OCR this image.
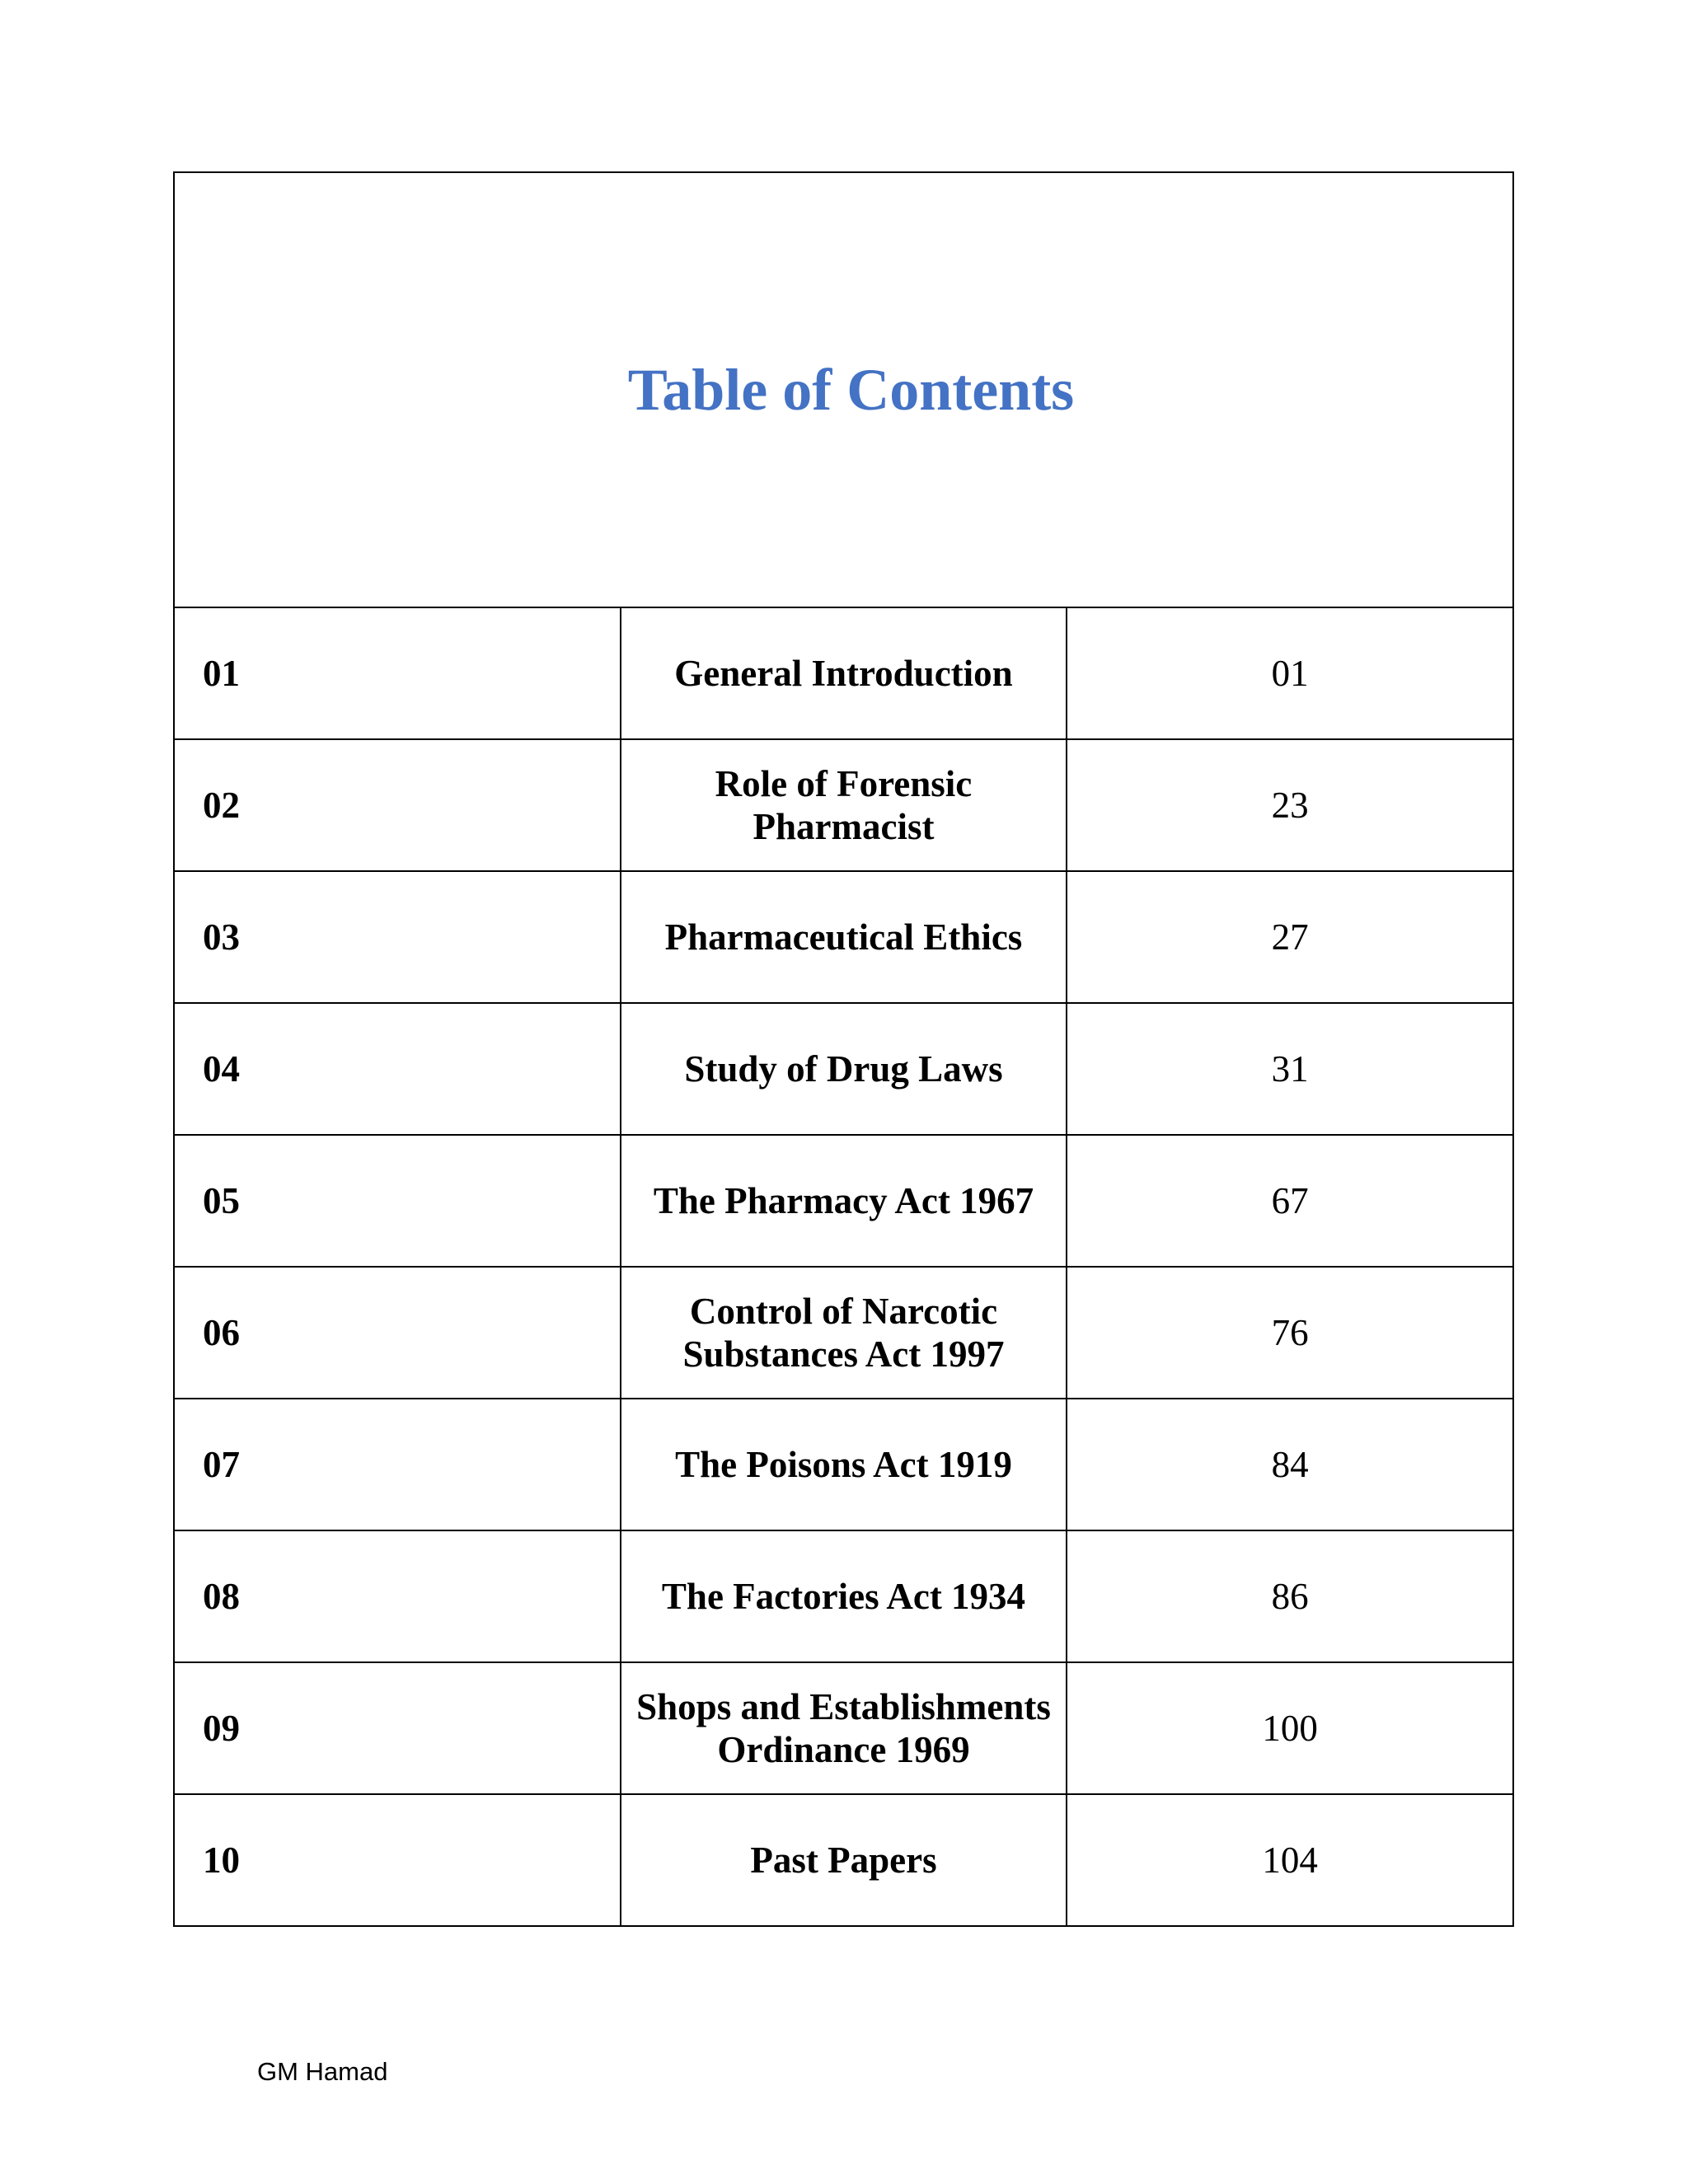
Table of Contents		
01	General Introduction	01
02	Role of Forensic Pharmacist	23
03	Pharmaceutical Ethics	27
04	Study of Drug Laws	31
05	The Pharmacy Act 1967	67
06	Control of Narcotic Substances Act 1997	76
07	The Poisons Act 1919	84
08	The Factories Act 1934	86
09	Shops and Establishments Ordinance 1969	100
10	Past Papers	104
GM Hamad
